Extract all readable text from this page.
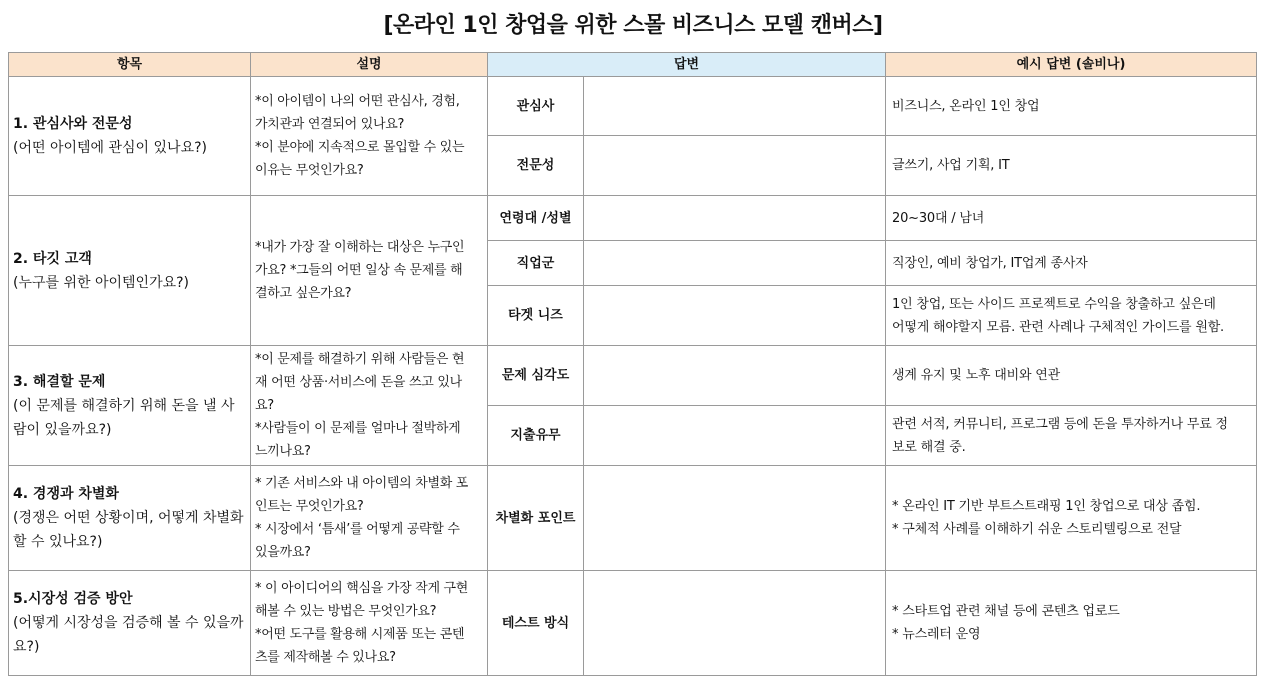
[온라인 1인 창업을 위한 스몰 비즈니스 모델 캔버스]
항목	설명	답변		예시 답변 (솔비나)

1. 관심사와 전문성
(어떤 아이템에 관심이 있나요?)	*이 아이템이 나의 어떤 관심사, 경험,
가치관과 연결되어 있나요?
*이 분야에 지속적으로 몰입할 수 있는
이유는 무엇인가요?	관심사		비즈니스, 온라인 1인 창업

		전문성		글쓰기, 사업 기획, IT

2. 타깃 고객
(누구를 위한 아이템인가요?)	*내가 가장 잘 이해하는 대상은 누구인
가요? *그들의 어떤 일상 속 문제를 해
결하고 싶은가요?	연령대 /성별		20~30대 / 남녀

		직업군		직장인, 예비 창업가, IT업계 종사자

		타겟 니즈		1인 창업, 또는 사이드 프로젝트로 수익을 창출하고 싶은데
어떻게 해야할지 모름. 관련 사례나 구체적인 가이드를 원함.

3. 해결할 문제
(이 문제를 해결하기 위해 돈을 낼 사람이 있을까요?)	*이 문제를 해결하기 위해 사람들은 현
재 어떤 상품·서비스에 돈을 쓰고 있나
요?
*사람들이 이 문제를 얼마나 절박하게
느끼나요?	문제 심각도		생계 유지 및 노후 대비와 연관

		지출유무		관련 서적, 커뮤니티, 프로그램 등에 돈을 투자하거나 무료 정
보로 해결 중.

4. 경쟁과 차별화
(경쟁은 어떤 상황이며, 어떻게 차별화 할 수 있나요?)	* 기존 서비스와 내 아이템의 차별화 포
인트는 무엇인가요?
* 시장에서 ‘틈새’를 어떻게 공략할 수
있을까요?	차별화 포인트		* 온라인 IT 기반 부트스트래핑 1인 창업으로 대상 좁힘.
* 구체적 사례를 이해하기 쉬운 스토리텔링으로 전달

5.시장성 검증 방안
(어떻게 시장성을 검증해 볼 수 있을까요?)	* 이 아이디어의 핵심을 가장 작게 구현
해볼 수 있는 방법은 무엇인가요?
*어떤 도구를 활용해 시제품 또는 콘텐
츠를 제작해볼 수 있나요?	테스트 방식		* 스타트업 관련 채널 등에 콘텐츠 업로드
* 뉴스레터 운영
